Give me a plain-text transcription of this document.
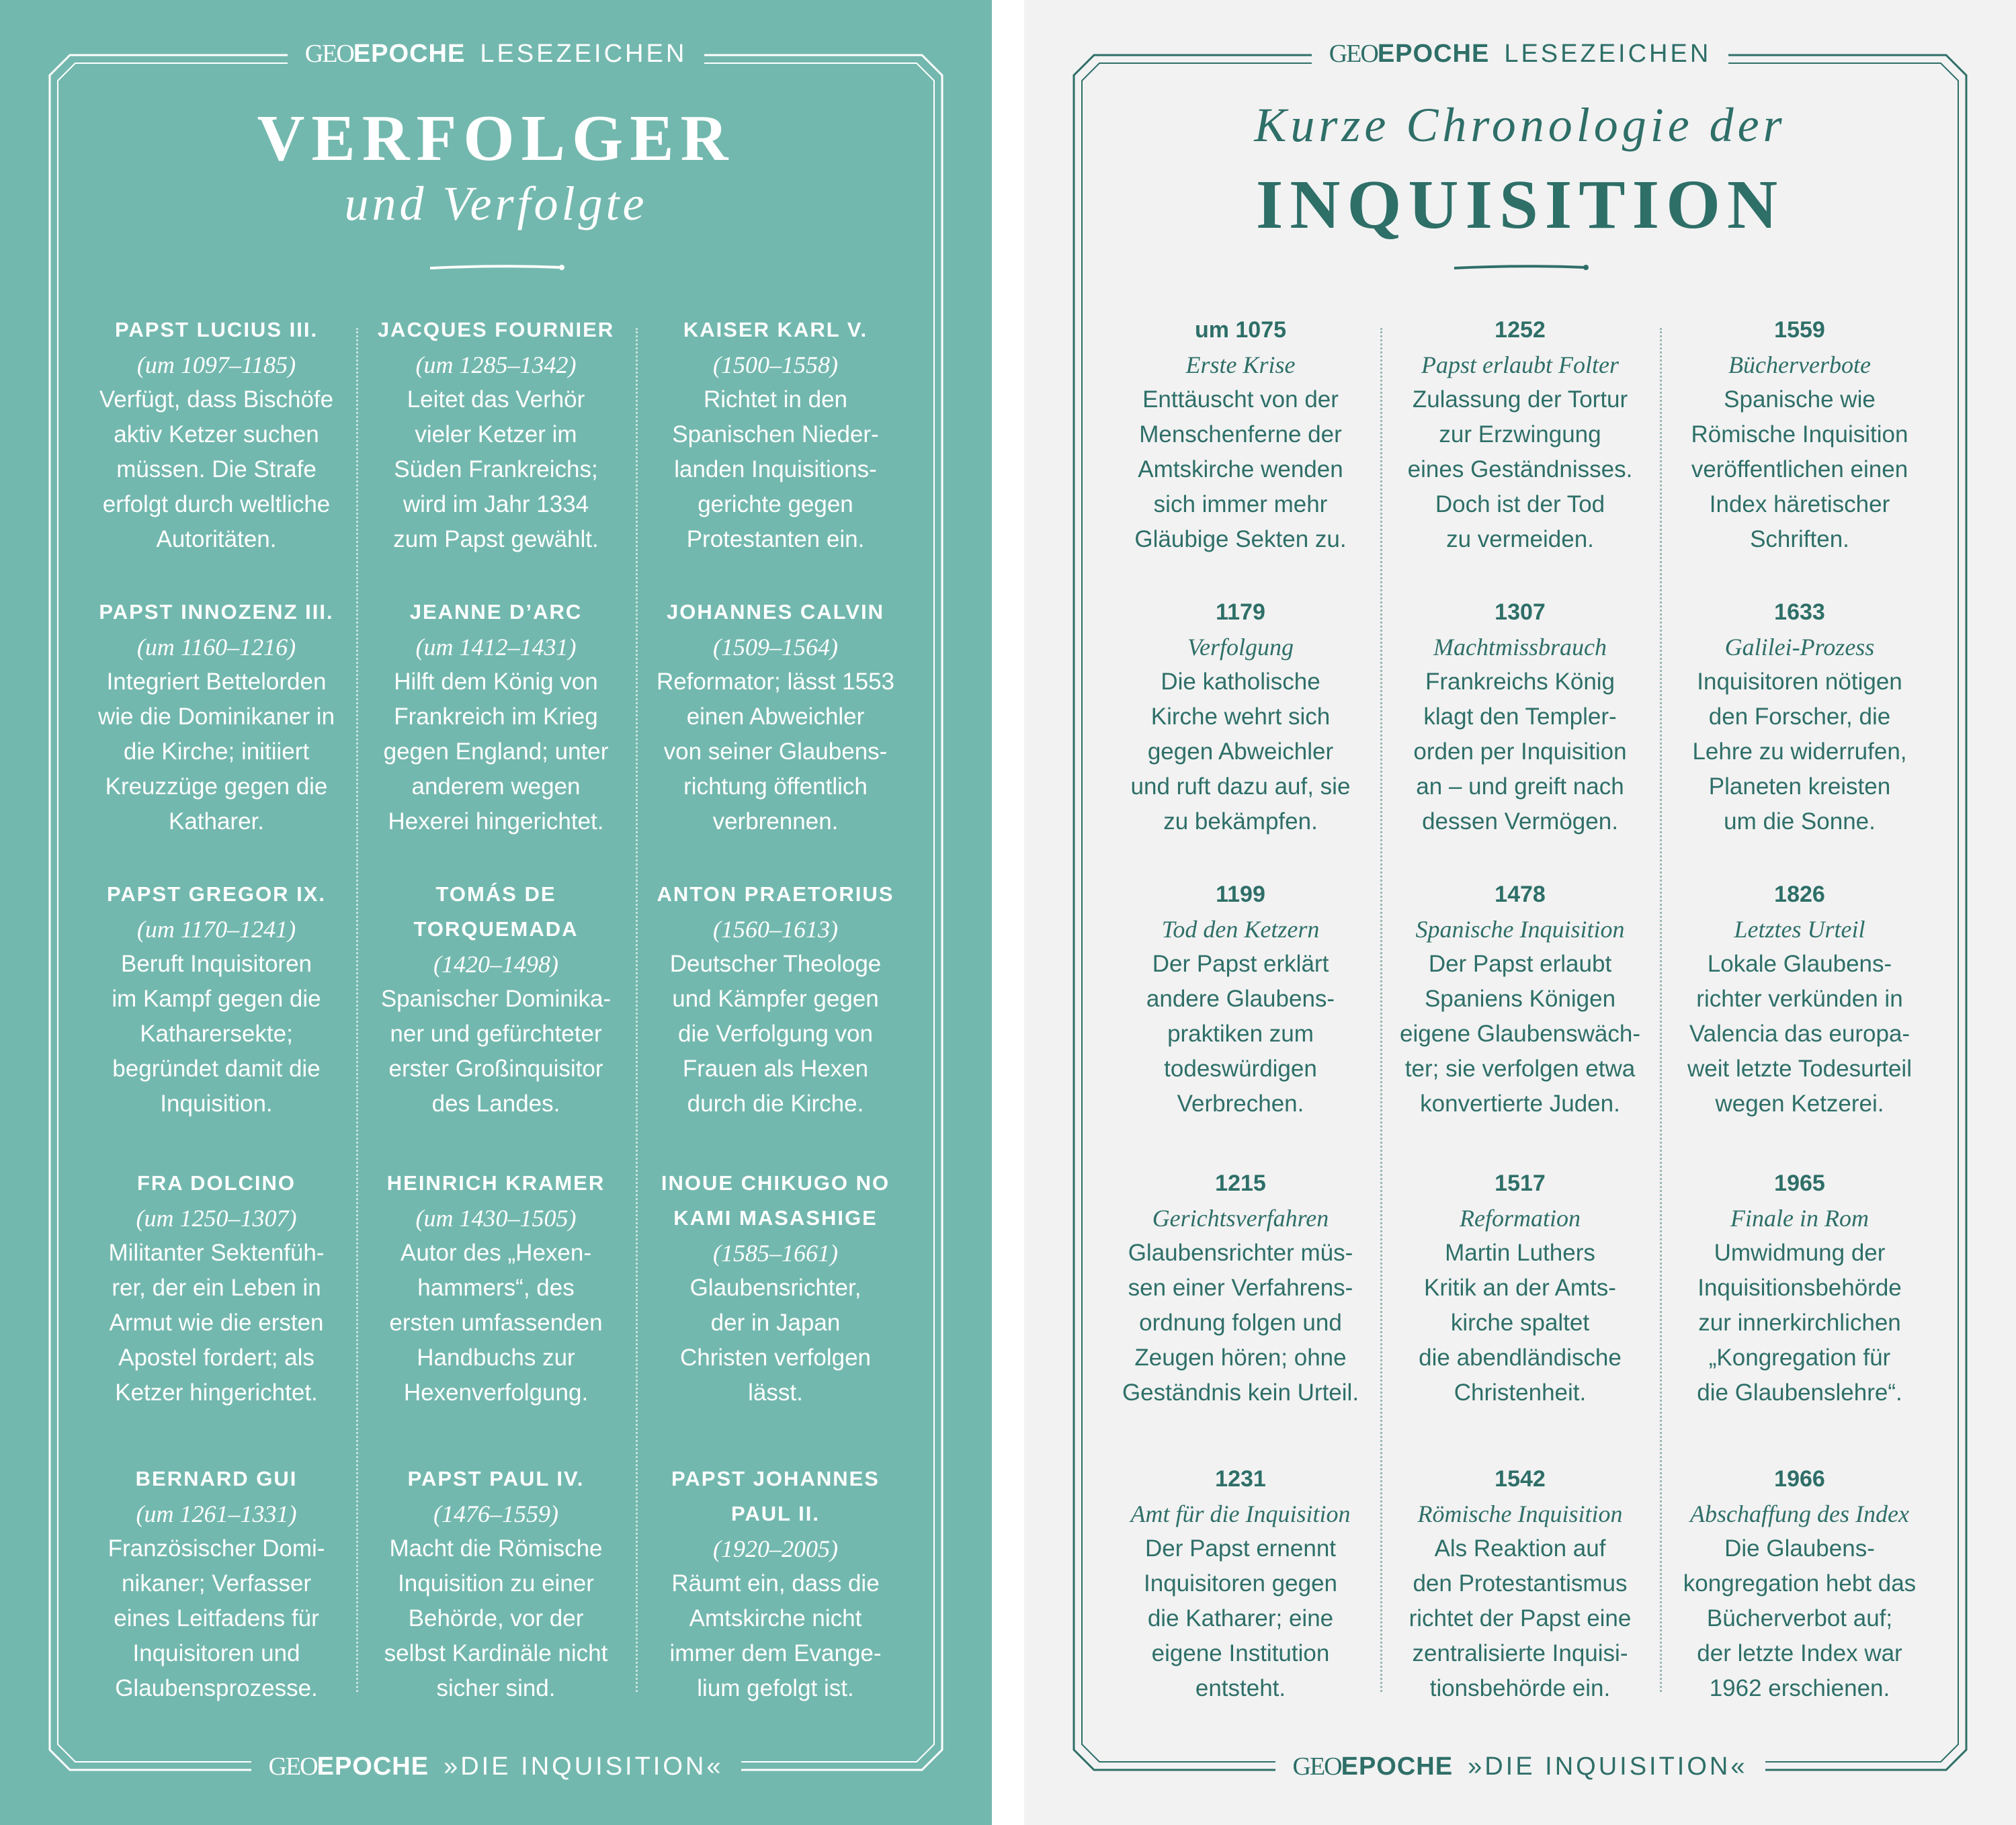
GEOEPOCHE LESEZEICHEN
VERFOLGER
und Verfolgte
PAPST LUCIUS III.
(um 1097–1185)
Verfügt, dass Bischöfe
aktiv Ketzer suchen
müssen. Die Strafe
erfolgt durch weltliche
Autoritäten.
PAPST INNOZENZ III.
(um 1160–1216)
Integriert Bettelorden
wie die Dominikaner in
die Kirche; initiiert
Kreuzzüge gegen die
Katharer.
PAPST GREGOR IX.
(um 1170–1241)
Beruft Inquisitoren
im Kampf gegen die
Katharersekte;
begründet damit die
Inquisition.
FRA DOLCINO
(um 1250–1307)
Militanter Sektenfüh-
rer, der ein Leben in
Armut wie die ersten
Apostel fordert; als
Ketzer hingerichtet.
BERNARD GUI
(um 1261–1331)
Französischer Domi-
nikaner; Verfasser
eines Leitfadens für
Inquisitoren und
Glaubensprozesse.
JACQUES FOURNIER
(um 1285–1342)
Leitet das Verhör
vieler Ketzer im
Süden Frankreichs;
wird im Jahr 1334
zum Papst gewählt.
JEANNE D’ARC
(um 1412–1431)
Hilft dem König von
Frankreich im Krieg
gegen England; unter
anderem wegen
Hexerei hingerichtet.
TOMÁS DE TORQUEMADA
(1420–1498)
Spanischer Dominika-
ner und gefürchteter
erster Großinquisitor
des Landes.
HEINRICH KRAMER
(um 1430–1505)
Autor des „Hexen-
hammers“, des
ersten umfassenden
Handbuchs zur
Hexenverfolgung.
PAPST PAUL IV.
(1476–1559)
Macht die Römische
Inquisition zu einer
Behörde, vor der
selbst Kardinäle nicht
sicher sind.
KAISER KARL V.
(1500–1558)
Richtet in den
Spanischen Nieder-
landen Inquisitions-
gerichte gegen
Protestanten ein.
JOHANNES CALVIN
(1509–1564)
Reformator; lässt 1553
einen Abweichler
von seiner Glaubens-
richtung öffentlich
verbrennen.
ANTON PRAETORIUS
(1560–1613)
Deutscher Theologe
und Kämpfer gegen
die Verfolgung von
Frauen als Hexen
durch die Kirche.
INOUE CHIKUGO NO KAMI MASASHIGE
(1585–1661)
Glaubensrichter,
der in Japan
Christen verfolgen
lässt.
PAPST JOHANNES PAUL II.
(1920–2005)
Räumt ein, dass die
Amtskirche nicht
immer dem Evange-
lium gefolgt ist.
GEOEPOCHE »DIE INQUISITION«
GEOEPOCHE LESEZEICHEN
Kurze Chronologie der
INQUISITION
um 1075
Erste Krise
Enttäuscht von der
Menschenferne der
Amtskirche wenden
sich immer mehr
Gläubige Sekten zu.
1179
Verfolgung
Die katholische
Kirche wehrt sich
gegen Abweichler
und ruft dazu auf, sie
zu bekämpfen.
1199
Tod den Ketzern
Der Papst erklärt
andere Glaubens-
praktiken zum
todeswürdigen
Verbrechen.
1215
Gerichtsverfahren
Glaubensrichter müs-
sen einer Verfahrens-
ordnung folgen und
Zeugen hören; ohne
Geständnis kein Urteil.
1231
Amt für die Inquisition
Der Papst ernennt
Inquisitoren gegen
die Katharer; eine
eigene Institution
entsteht.
1252
Papst erlaubt Folter
Zulassung der Tortur
zur Erzwingung
eines Geständnisses.
Doch ist der Tod
zu vermeiden.
1307
Machtmissbrauch
Frankreichs König
klagt den Templer-
orden per Inquisition
an – und greift nach
dessen Vermögen.
1478
Spanische Inquisition
Der Papst erlaubt
Spaniens Königen
eigene Glaubenswäch-
ter; sie verfolgen etwa
konvertierte Juden.
1517
Reformation
Martin Luthers
Kritik an der Amts-
kirche spaltet
die abendländische
Christenheit.
1542
Römische Inquisition
Als Reaktion auf
den Protestantismus
richtet der Papst eine
zentralisierte Inquisi-
tionsbehörde ein.
1559
Bücherverbote
Spanische wie
Römische Inquisition
veröffentlichen einen
Index häretischer
Schriften.
1633
Galilei-Prozess
Inquisitoren nötigen
den Forscher, die
Lehre zu widerrufen,
Planeten kreisten
um die Sonne.
1826
Letztes Urteil
Lokale Glaubens-
richter verkünden in
Valencia das europa-
weit letzte Todesurteil
wegen Ketzerei.
1965
Finale in Rom
Umwidmung der
Inquisitionsbehörde
zur innerkirchlichen
„Kongregation für
die Glaubenslehre“.
1966
Abschaffung des Index
Die Glaubens-
kongregation hebt das
Bücherverbot auf;
der letzte Index war
1962 erschienen.
GEOEPOCHE »DIE INQUISITION«
